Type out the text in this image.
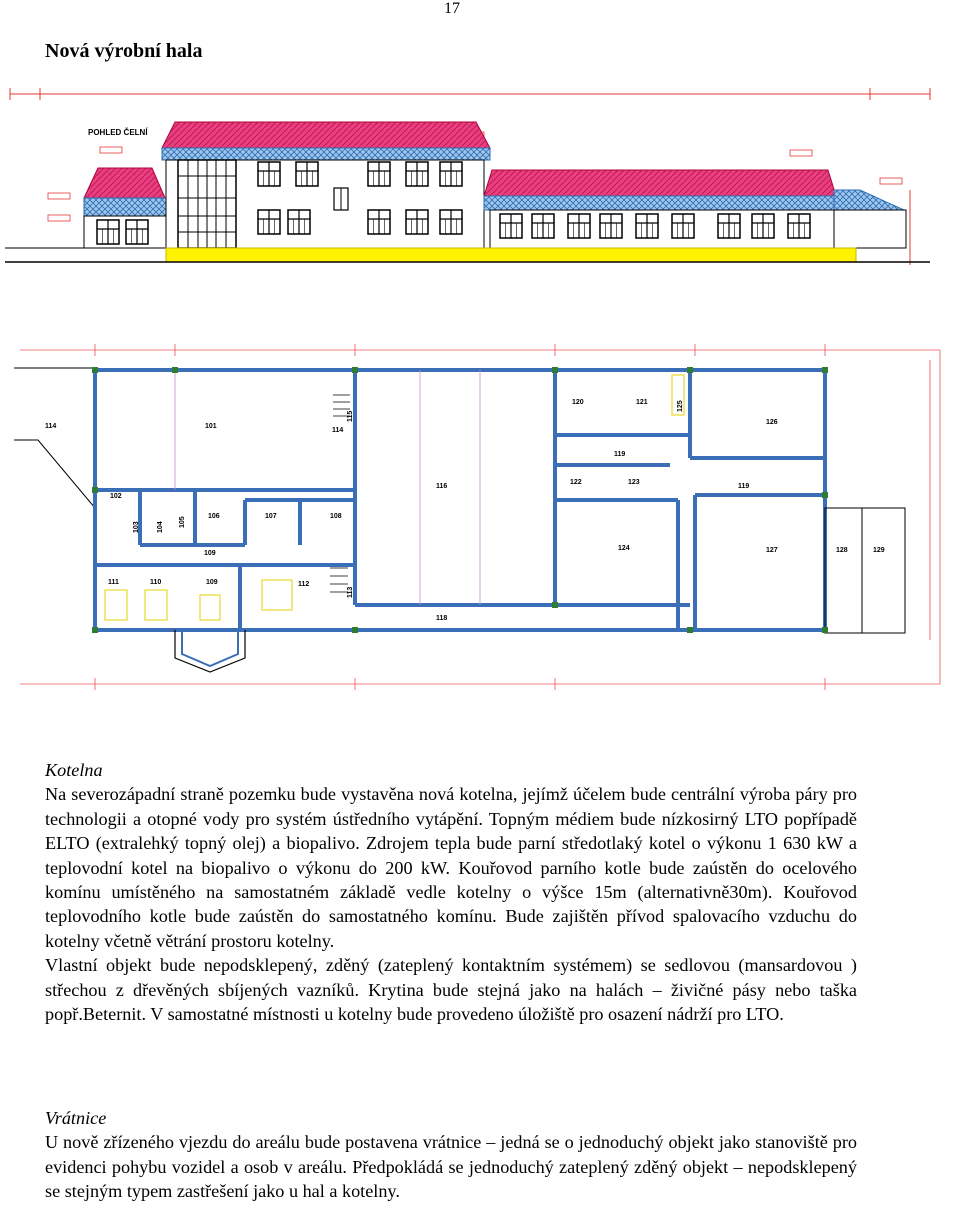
17
Nová výrobní hala
POHLED ČELNÍ
101
102
103 104 105	106	107	108
109
109
110
111	112
113
114
114
115
116
118
119
119
120	121
122	123
124
125
126
127	128	129
Kotelna

Na severozápadní straně pozemku bude vystavěna nová kotelna, jejímž účelem bude centrální výroba páry pro technologii a otopné vody pro systém ústředního vytápění. Topným médiem bude nízkosirný LTO popřípadě ELTO (extralehký topný olej) a biopalivo. Zdrojem tepla bude parní středotlaký kotel o výkonu 1 630 kW a teplovodní kotel na biopalivo o výkonu do 200 kW. Kouřovod parního kotle bude zaústěn do ocelového komínu umístěného na samostatném základě vedle kotelny o výšce 15m (alternativně30m). Kouřovod teplovodního kotle bude zaústěn do samostatného komínu. Bude zajištěn přívod spalovacího vzduchu do kotelny včetně větrání prostoru kotelny.

Vlastní objekt bude nepodsklepený, zděný (zateplený kontaktním systémem) se sedlovou (mansardovou ) střechou z dřevěných sbíjených vazníků. Krytina bude stejná jako na halách – živičné pásy nebo taška popř.Beternit. V samostatné místnosti u kotelny bude provedeno úložiště pro osazení nádrží pro LTO.

Vrátnice

U nově zřízeného vjezdu do areálu bude postavena vrátnice – jedná se o jednoduchý objekt jako stanoviště pro evidenci pohybu vozidel a osob v areálu. Předpokládá se jednoduchý zateplený zděný objekt – nepodsklepený se stejným typem zastřešení jako u hal a kotelny.
